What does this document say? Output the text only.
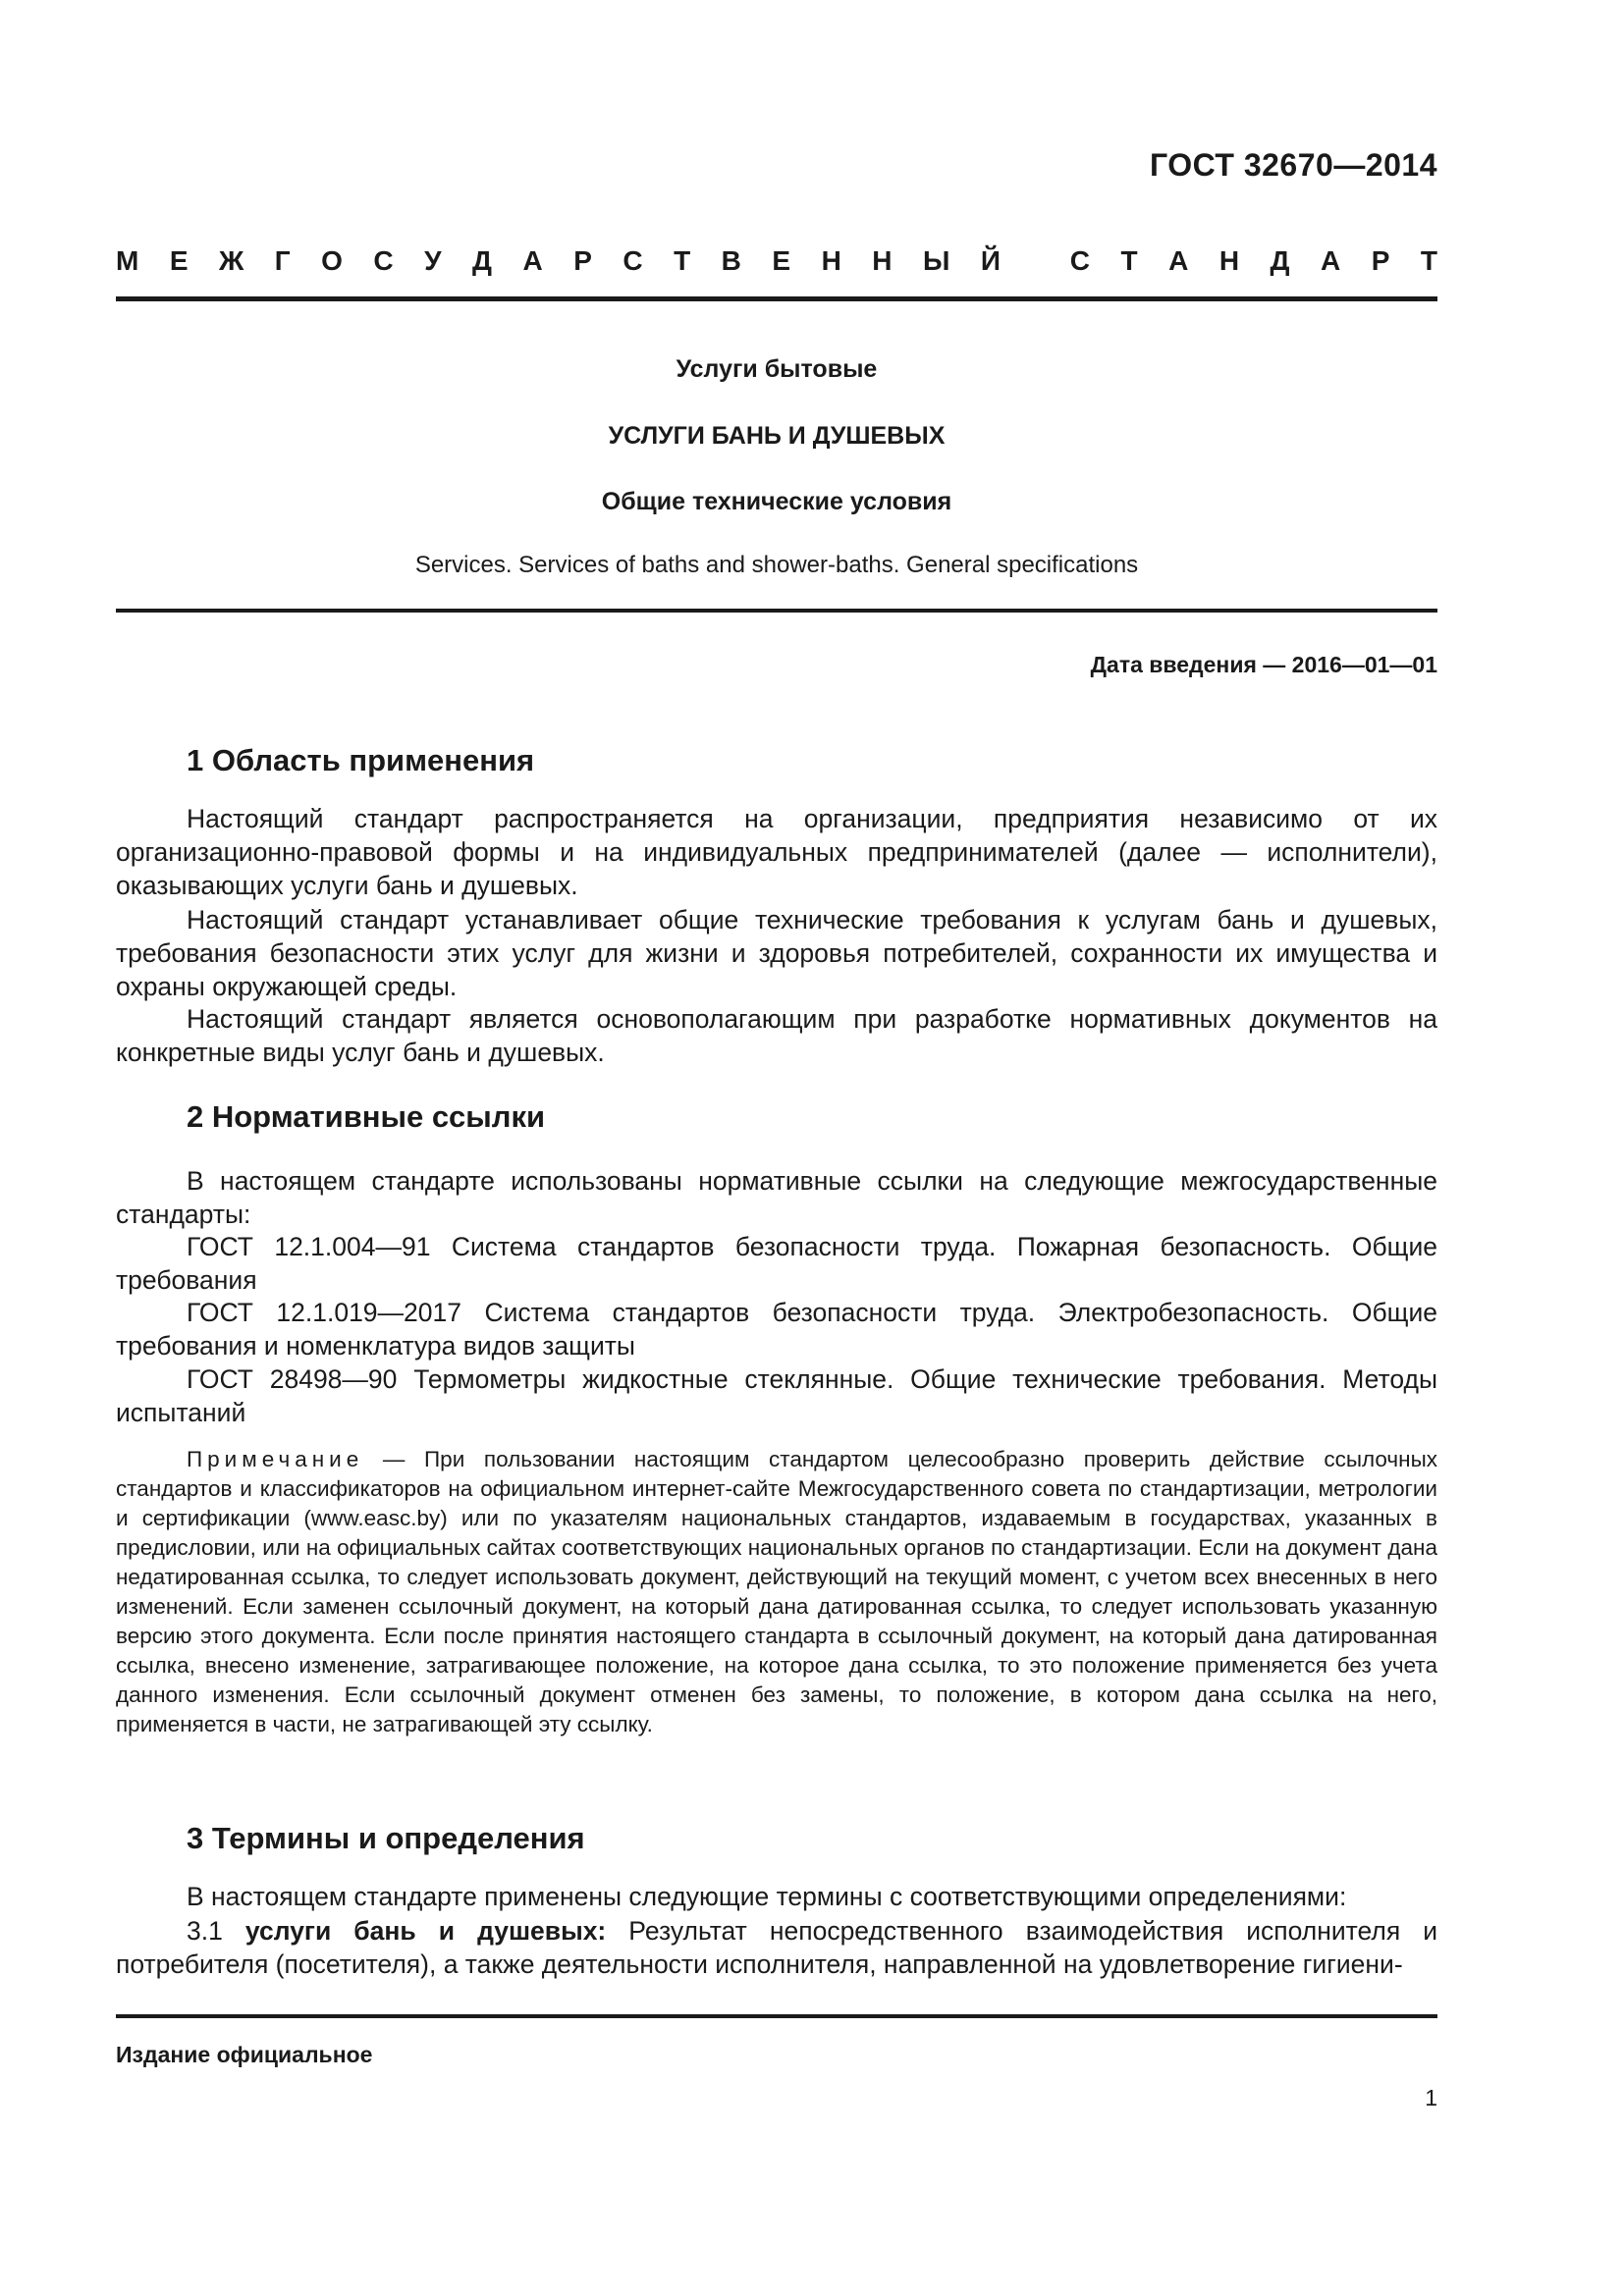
ГОСТ 32670—2014
М Е Ж Г О С У Д А Р С Т В Е Н Н Ы Й
	С Т А Н Д А Р Т
Услуги бытовые
УСЛУГИ БАНЬ И ДУШЕВЫХ
Общие технические условия
Services. Services of baths and shower-baths. General specifications
Дата введения — 2016—01—01
1 Область применения
Настоящий стандарт распространяется на организации, предприятия независимо от их организационно-правовой формы и на индивидуальных предпринимателей (далее — исполнители), оказывающих услуги бань и душевых.
Настоящий стандарт устанавливает общие технические требования к услугам бань и душевых, требования безопасности этих услуг для жизни и здоровья потребителей, сохранности их имущества и охраны окружающей среды.
Настоящий стандарт является основополагающим при разработке нормативных документов на конкретные виды услуг бань и душевых.
2 Нормативные ссылки
В настоящем стандарте использованы нормативные ссылки на следующие межгосударственные стандарты:
ГОСТ 12.1.004—91 Система стандартов безопасности труда. Пожарная безопасность. Общие требования
ГОСТ 12.1.019—2017 Система стандартов безопасности труда. Электробезопасность. Общие требования и номенклатура видов защиты
ГОСТ 28498—90 Термометры жидкостные стеклянные. Общие технические требования. Методы испытаний
Примечание — При пользовании настоящим стандартом целесообразно проверить действие ссылочных стандартов и классификаторов на официальном интернет-сайте Межгосударственного совета по стандартизации, метрологии и сертификации (www.easc.by) или по указателям национальных стандартов, издаваемым в государствах, указанных в предисловии, или на официальных сайтах соответствующих национальных органов по стандартизации. Если на документ дана недатированная ссылка, то следует использовать документ, действующий на текущий момент, с учетом всех внесенных в него изменений. Если заменен ссылочный документ, на который дана датированная ссылка, то следует использовать указанную версию этого документа. Если после принятия настоящего стандарта в ссылочный документ, на который дана датированная ссылка, внесено изменение, затрагивающее положение, на которое дана ссылка, то это положение применяется без учета данного изменения. Если ссылочный документ отменен без замены, то положение, в котором дана ссылка на него, применяется в части, не затрагивающей эту ссылку.
3 Термины и определения
В настоящем стандарте применены следующие термины с соответствующими определениями:
3.1 услуги бань и душевых: Результат непосредственного взаимодействия исполнителя и потребителя (посетителя), а также деятельности исполнителя, направленной на удовлетворение гигиени-
Издание официальное
1
